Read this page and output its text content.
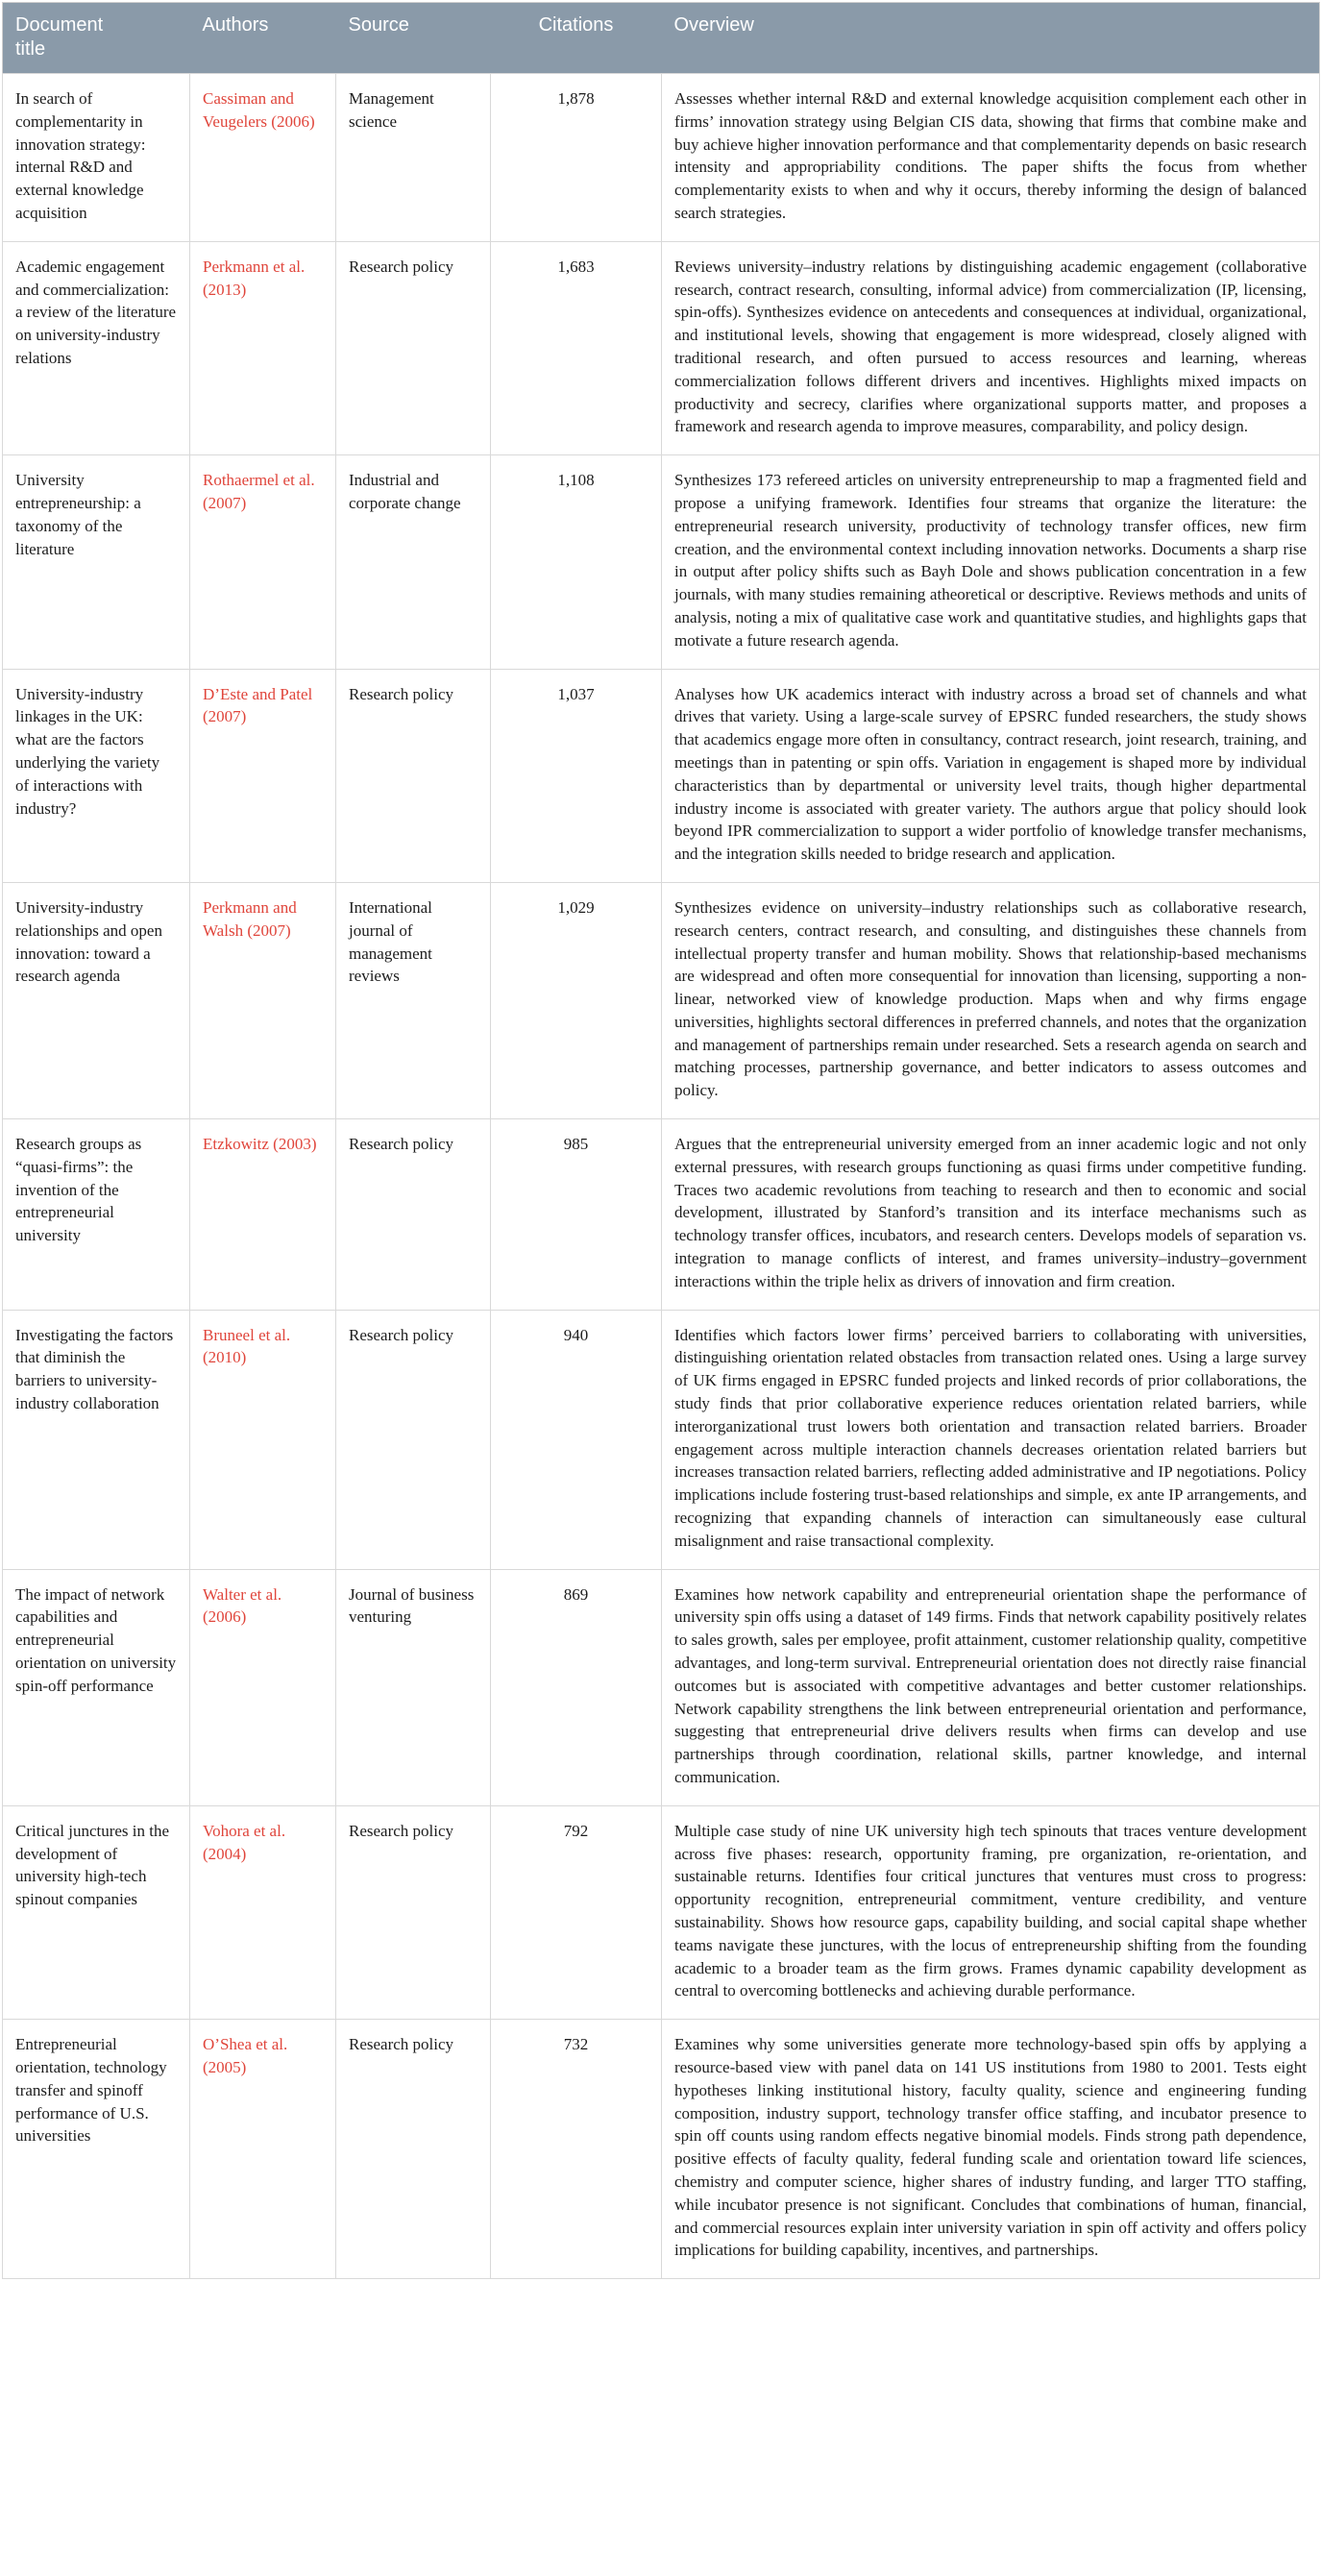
Document title	Authors	Source	Citations	Overview
In search of complementarity in innovation strategy: internal R&D and external knowledge acquisition	Cassiman and Veugelers (2006)	Management science	1,878	Assesses whether internal R&D and external knowledge acquisition complement each other in firms’ innovation strategy using Belgian CIS data, showing that firms that combine make and buy achieve higher innovation performance and that complementarity depends on basic research intensity and appropriability conditions. The paper shifts the focus from whether complementarity exists to when and why it occurs, thereby informing the design of balanced search strategies.
Academic engagement and commercialization: a review of the literature on university-industry relations	Perkmann et al. (2013)	Research policy	1,683	Reviews university–industry relations by distinguishing academic engagement (collaborative research, contract research, consulting, informal advice) from commercialization (IP, licensing, spin-offs). Synthesizes evidence on antecedents and consequences at individual, organizational, and institutional levels, showing that engagement is more widespread, closely aligned with traditional research, and often pursued to access resources and learning, whereas commercialization follows different drivers and incentives. Highlights mixed impacts on productivity and secrecy, clarifies where organizational supports matter, and proposes a framework and research agenda to improve measures, comparability, and policy design.
University entrepreneurship: a taxonomy of the literature	Rothaermel et al. (2007)	Industrial and corporate change	1,108	Synthesizes 173 refereed articles on university entrepreneurship to map a fragmented field and propose a unifying framework. Identifies four streams that organize the literature: the entrepreneurial research university, productivity of technology transfer offices, new firm creation, and the environmental context including innovation networks. Documents a sharp rise in output after policy shifts such as Bayh Dole and shows publication concentration in a few journals, with many studies remaining atheoretical or descriptive. Reviews methods and units of analysis, noting a mix of qualitative case work and quantitative studies, and highlights gaps that motivate a future research agenda.
University-industry linkages in the UK: what are the factors underlying the variety of interactions with industry?	D’Este and Patel (2007)	Research policy	1,037	Analyses how UK academics interact with industry across a broad set of channels and what drives that variety. Using a large-scale survey of EPSRC funded researchers, the study shows that academics engage more often in consultancy, contract research, joint research, training, and meetings than in patenting or spin offs. Variation in engagement is shaped more by individual characteristics than by departmental or university level traits, though higher departmental industry income is associated with greater variety. The authors argue that policy should look beyond IPR commercialization to support a wider portfolio of knowledge transfer mechanisms, and the integration skills needed to bridge research and application.
University-industry relationships and open innovation: toward a research agenda	Perkmann and Walsh (2007)	International journal of management reviews	1,029	Synthesizes evidence on university–industry relationships such as collaborative research, research centers, contract research, and consulting, and distinguishes these channels from intellectual property transfer and human mobility. Shows that relationship-based mechanisms are widespread and often more consequential for innovation than licensing, supporting a non-linear, networked view of knowledge production. Maps when and why firms engage universities, highlights sectoral differences in preferred channels, and notes that the organization and management of partnerships remain under researched. Sets a research agenda on search and matching processes, partnership governance, and better indicators to assess outcomes and policy.
Research groups as “quasi-firms”: the invention of the entrepreneurial university	Etzkowitz (2003)	Research policy	985	Argues that the entrepreneurial university emerged from an inner academic logic and not only external pressures, with research groups functioning as quasi firms under competitive funding. Traces two academic revolutions from teaching to research and then to economic and social development, illustrated by Stanford’s transition and its interface mechanisms such as technology transfer offices, incubators, and research centers. Develops models of separation vs. integration to manage conflicts of interest, and frames university–industry–government interactions within the triple helix as drivers of innovation and firm creation.
Investigating the factors that diminish the barriers to university-industry collaboration	Bruneel et al. (2010)	Research policy	940	Identifies which factors lower firms’ perceived barriers to collaborating with universities, distinguishing orientation related obstacles from transaction related ones. Using a large survey of UK firms engaged in EPSRC funded projects and linked records of prior collaborations, the study finds that prior collaborative experience reduces orientation related barriers, while interorganizational trust lowers both orientation and transaction related barriers. Broader engagement across multiple interaction channels decreases orientation related barriers but increases transaction related barriers, reflecting added administrative and IP negotiations. Policy implications include fostering trust-based relationships and simple, ex ante IP arrangements, and recognizing that expanding channels of interaction can simultaneously ease cultural misalignment and raise transactional complexity.
The impact of network capabilities and entrepreneurial orientation on university spin-off performance	Walter et al. (2006)	Journal of business venturing	869	Examines how network capability and entrepreneurial orientation shape the performance of university spin offs using a dataset of 149 firms. Finds that network capability positively relates to sales growth, sales per employee, profit attainment, customer relationship quality, competitive advantages, and long-term survival. Entrepreneurial orientation does not directly raise financial outcomes but is associated with competitive advantages and better customer relationships. Network capability strengthens the link between entrepreneurial orientation and performance, suggesting that entrepreneurial drive delivers results when firms can develop and use partnerships through coordination, relational skills, partner knowledge, and internal communication.
Critical junctures in the development of university high-tech spinout companies	Vohora et al. (2004)	Research policy	792	Multiple case study of nine UK university high tech spinouts that traces venture development across five phases: research, opportunity framing, pre organization, re-orientation, and sustainable returns. Identifies four critical junctures that ventures must cross to progress: opportunity recognition, entrepreneurial commitment, venture credibility, and venture sustainability. Shows how resource gaps, capability building, and social capital shape whether teams navigate these junctures, with the locus of entrepreneurship shifting from the founding academic to a broader team as the firm grows. Frames dynamic capability development as central to overcoming bottlenecks and achieving durable performance.
Entrepreneurial orientation, technology transfer and spinoff performance of U.S. universities	O’Shea et al. (2005)	Research policy	732	Examines why some universities generate more technology-based spin offs by applying a resource-based view with panel data on 141 US institutions from 1980 to 2001. Tests eight hypotheses linking institutional history, faculty quality, science and engineering funding composition, industry support, technology transfer office staffing, and incubator presence to spin off counts using random effects negative binomial models. Finds strong path dependence, positive effects of faculty quality, federal funding scale and orientation toward life sciences, chemistry and computer science, higher shares of industry funding, and larger TTO staffing, while incubator presence is not significant. Concludes that combinations of human, financial, and commercial resources explain inter university variation in spin off activity and offers policy implications for building capability, incentives, and partnerships.
